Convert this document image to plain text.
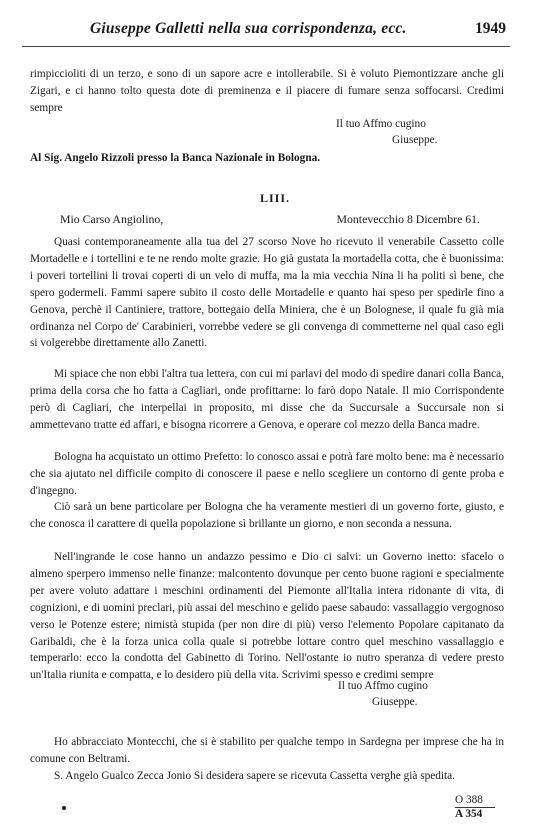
Giuseppe Galletti nella sua corrispondenza, ecc.	1949
rimpiccioliti di un terzo, e sono di un sapore acre e intollerabile. Si è voluto Piemontizzare anche gli Zigari, e ci hanno tolto questa dote di preminenza e il piacere di fumare senza soffocarsi. Credimi sempre
Il tuo Affmo cugino
Giuseppe.
Al Sig. Angelo Rizzoli presso la Banca Nazionale in Bologna.
LIII.
Mio Carso Angiolino,	Montevecchio 8 Dicembre 61.
Quasi contemporaneamente alla tua del 27 scorso Nove ho ricevuto il venerabile Cassetto colle Mortadelle e i tortellini e te ne rendo molte grazie. Ho già gustata la mortadella cotta, che è buonissima: i poveri tortellini li trovai coperti di un velo di muffa, ma la mia vecchia Nina li ha politi sì bene, che spero godermeli. Fammi sapere subito il costo delle Mortadelle e quanto hai speso per spedirle fino a Genova, perchè il Cantiniere, trattore, bottegaio della Miniera, che è un Bolognese, il quale fu già mia ordinanza nel Corpo de' Carabinieri, vorrebbe vedere se gli convenga di commetterne nel qual caso egli si volgerebbe direttamente allo Zanetti.
Mi spiace che non ebbi l'altra tua lettera, con cui mi parlavi del modo di spedire danari colla Banca, prima della corsa che ho fatta a Cagliari, onde profittarne: lo farò dopo Natale. Il mio Corrispondente però di Cagliari, che interpellai in proposito, mi disse che da Succursale a Succursale non si ammettevano tratte ed affari, e bisogna ricorrere a Genova, e operare col mezzo della Banca madre.
Bologna ha acquistato un ottimo Prefetto: lo conosco assai e potrà fare molto bene: ma è necessario che sia ajutato nel difficile compito di conoscere il paese e nello scegliere un contorno di gente proba e d'ingegno.
Ciò sarà un bene particolare per Bologna che ha veramente mestieri di un governo forte, giusto, e che conosca il carattere di quella popolazione sì brillante un giorno, e non seconda a nessuna.
Nell'ingrande le cose hanno un andazzo pessimo e Dio ci salvi: un Governo inetto: sfacelo o almeno sperpero immenso nelle finanze: malcontento dovunque per cento buone ragioni e specialmente per avere voluto adattare i meschini ordinamenti del Piemonte all'Italia intera ridonante di vita, di cognizioni, e di uomini preclari, più assai del meschino e gelido paese sabaudo: vassallaggio vergognoso verso le Potenze estere; nimistà stupida (per non dire di più) verso l'elemento Popolare capitanato da Garibaldi, che è la forza unica colla quale si potrebbe lottare contro quel meschino vassallaggio e temperarlo: ecco la condotta del Gabinetto di Torino. Nell'ostante io nutro speranza di vedere presto un'Italia riunita e compatta, e lo desidero più della vita. Scrivimi spesso e credimi sempre
Il tuo Affmo cugino
Giuseppe.
Ho abbracciato Montecchi, che si è stabilito per qualche tempo in Sardegna per imprese che ha in comune con Beltrami.
S. Angelo Gualco Zecca Jonio Si desidera sapere se ricevuta Cassetta verghe già spedita.
O 388
A 354
